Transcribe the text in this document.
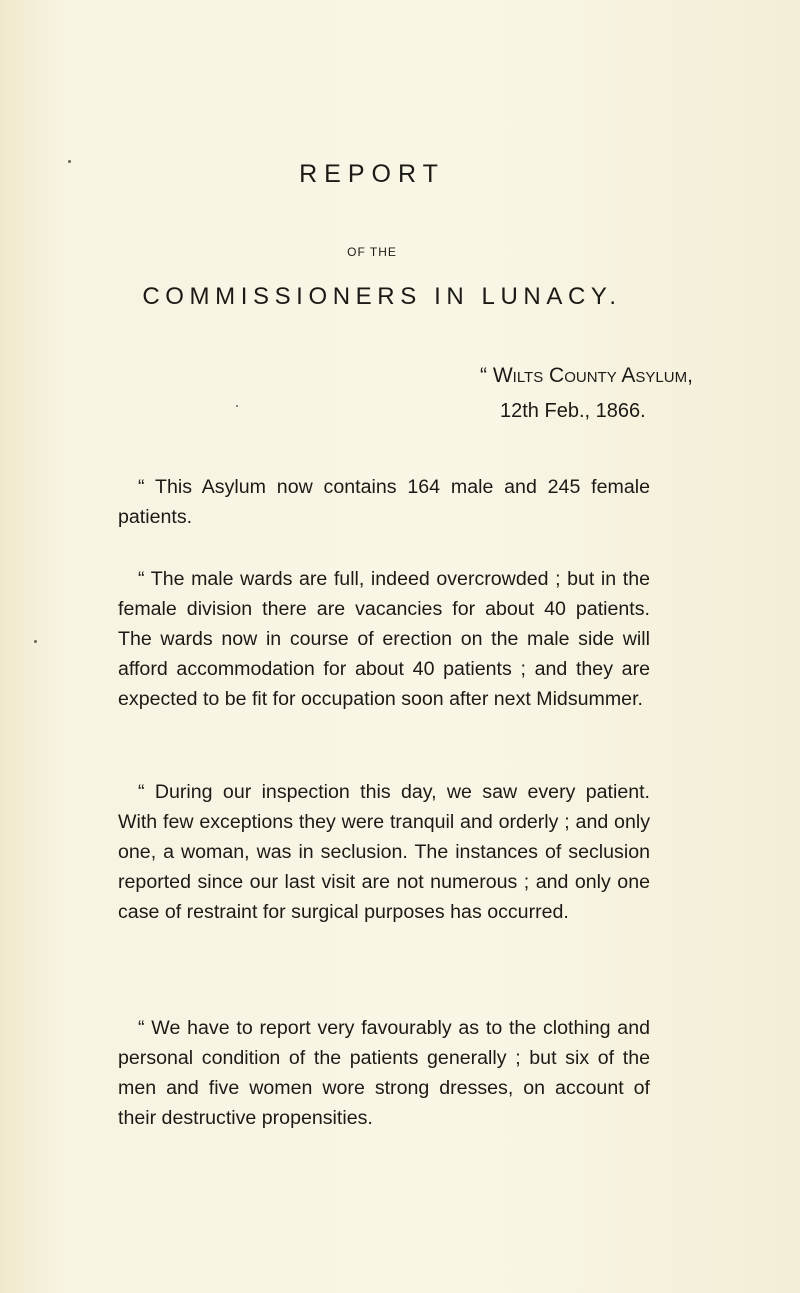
REPORT
OF THE
COMMISSIONERS IN LUNACY.
“ Wilts County Asylum,
12th Feb., 1866.

“ This Asylum now contains 164 male and 245 female patients.

“ The male wards are full, indeed overcrowded ; but in the female division there are vacancies for about 40 patients. The wards now in course of erection on the male side will afford accommodation for about 40 patients ; and they are expected to be fit for occupation soon after next Midsummer.

“ During our inspection this day, we saw every patient. With few exceptions they were tranquil and orderly ; and only one, a woman, was in seclusion. The instances of seclusion reported since our last visit are not numerous ; and only one case of restraint for surgical purposes has occurred.

“ We have to report very favourably as to the clothing and personal condition of the patients generally ; but six of the men and five women wore strong dresses, on account of their destructive propensities.
